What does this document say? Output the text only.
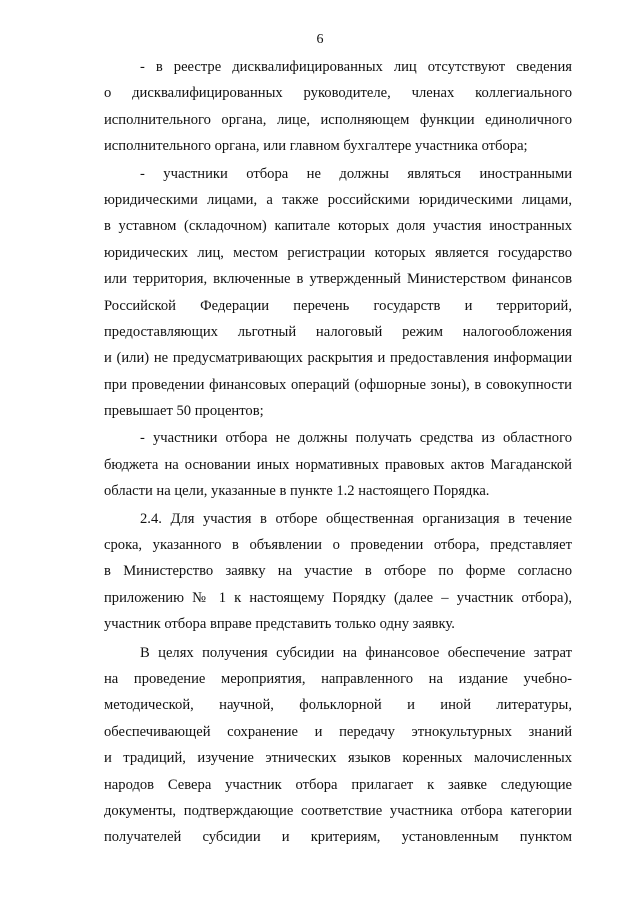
6
- в реестре дисквалифицированных лиц отсутствуют сведения
о дисквалифицированных руководителе, членах коллегиального
исполнительного органа, лице, исполняющем функции единоличного
исполнительного органа, или главном бухгалтере участника отбора;
- участники отбора не должны являться иностранными
юридическими лицами, а также российскими юридическими лицами,
в уставном (складочном) капитале которых доля участия иностранных
юридических лиц, местом регистрации которых является государство
или территория, включенные в утвержденный Министерством финансов
Российской Федерации перечень государств и территорий,
предоставляющих льготный налоговый режим налогообложения
и (или) не предусматривающих раскрытия и предоставления информации
при проведении финансовых операций (офшорные зоны), в совокупности
превышает 50 процентов;
- участники отбора не должны получать средства из областного
бюджета на основании иных нормативных правовых актов Магаданской
области на цели, указанные в пункте 1.2 настоящего Порядка.
2.4. Для участия в отборе общественная организация в течение
срока, указанного в объявлении о проведении отбора, представляет
в Министерство заявку на участие в отборе по форме согласно
приложению № 1 к настоящему Порядку (далее – участник отбора),
участник отбора вправе представить только одну заявку.
В целях получения субсидии на финансовое обеспечение затрат
на проведение мероприятия, направленного на издание учебно-
методической, научной, фольклорной и иной литературы,
обеспечивающей сохранение и передачу этнокультурных знаний
и традиций, изучение этнических языков коренных малочисленных
народов Севера участник отбора прилагает к заявке следующие
документы, подтверждающие соответствие участника отбора категории
получателей субсидии и критериям, установленным пунктом
